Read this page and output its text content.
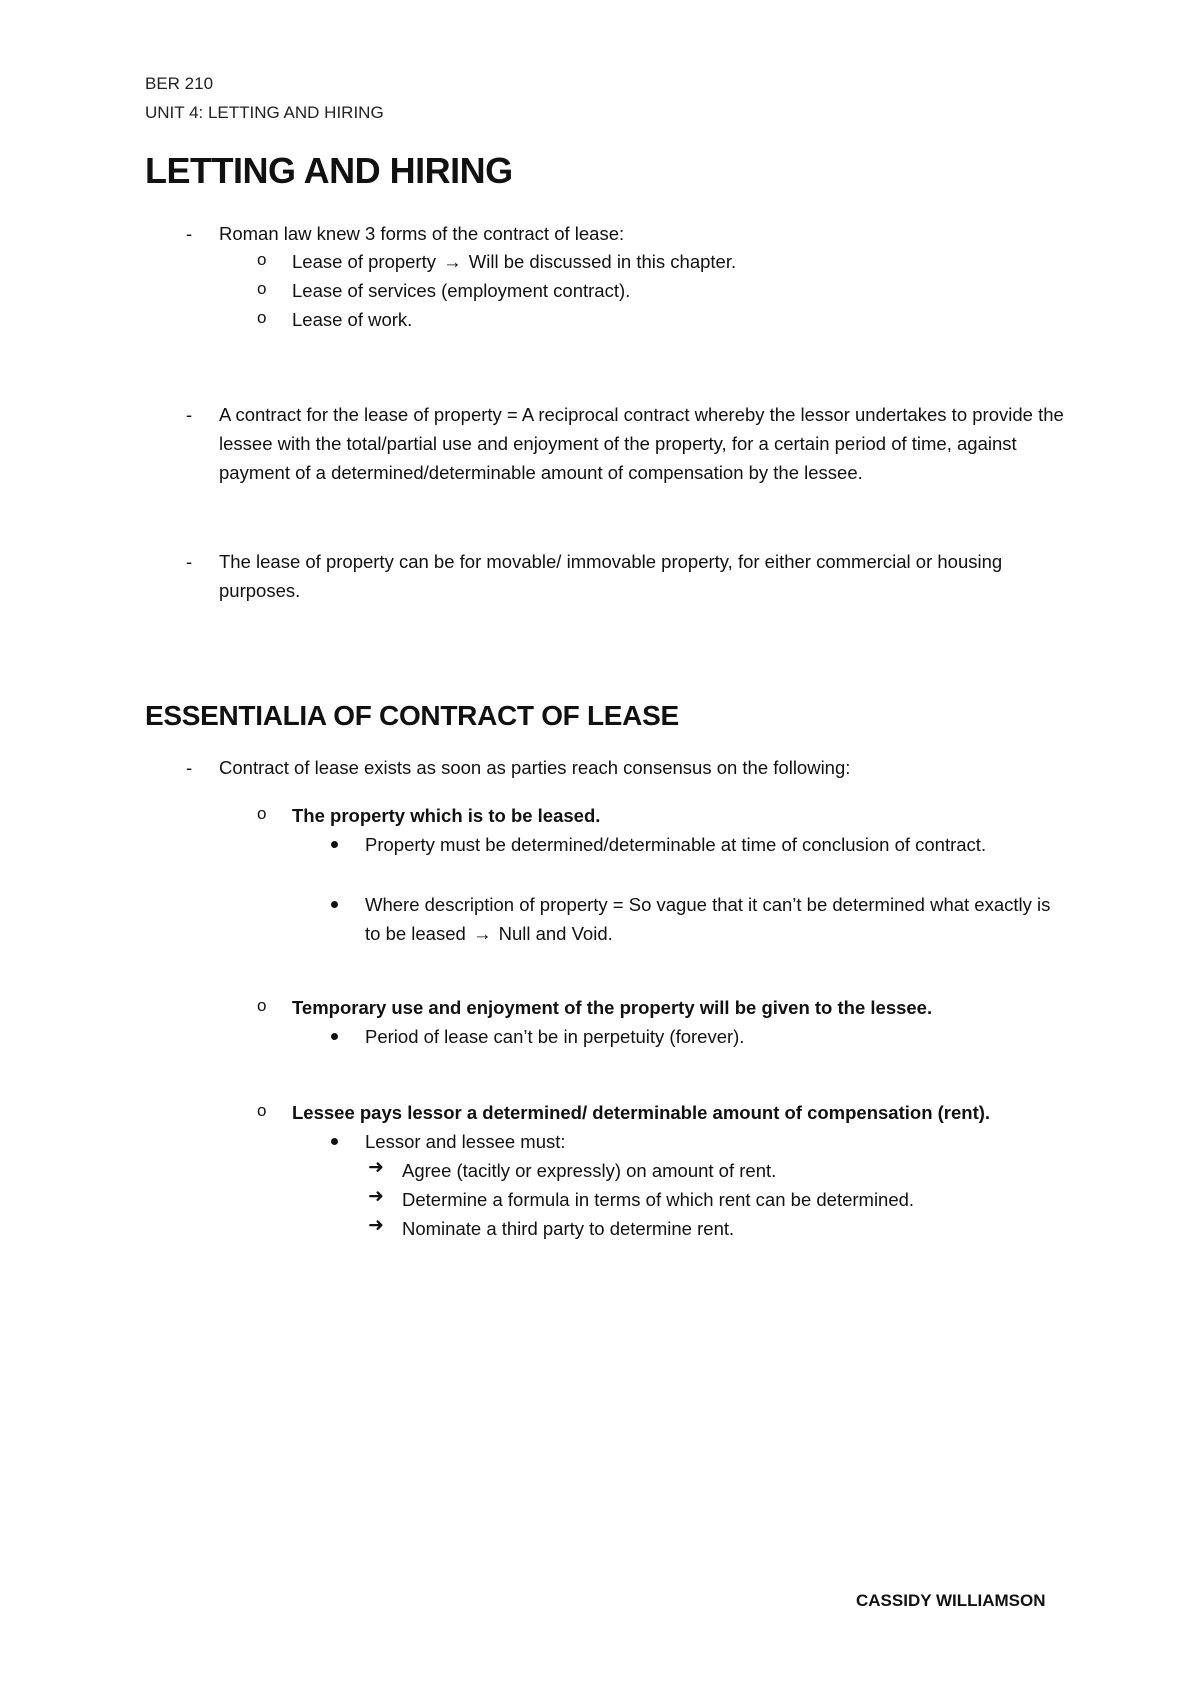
BER 210
UNIT 4: LETTING AND HIRING
LETTING AND HIRING
- Roman law knew 3 forms of the contract of lease:
o Lease of property → Will be discussed in this chapter.
o Lease of services (employment contract).
o Lease of work.
- A contract for the lease of property = A reciprocal contract whereby the lessor undertakes to provide the lessee with the total/partial use and enjoyment of the property, for a certain period of time, against payment of a determined/determinable amount of compensation by the lessee.
- The lease of property can be for movable/ immovable property, for either commercial or housing purposes.
ESSENTIALIA OF CONTRACT OF LEASE
- Contract of lease exists as soon as parties reach consensus on the following:
o The property which is to be leased.
Property must be determined/determinable at time of conclusion of contract.
Where description of property = So vague that it can’t be determined what exactly is to be leased → Null and Void.
o Temporary use and enjoyment of the property will be given to the lessee.
Period of lease can’t be in perpetuity (forever).
o Lessee pays lessor a determined/ determinable amount of compensation (rent).
Lessor and lessee must:
➜ Agree (tacitly or expressly) on amount of rent.
➜ Determine a formula in terms of which rent can be determined.
➜ Nominate a third party to determine rent.
CASSIDY WILLIAMSON
